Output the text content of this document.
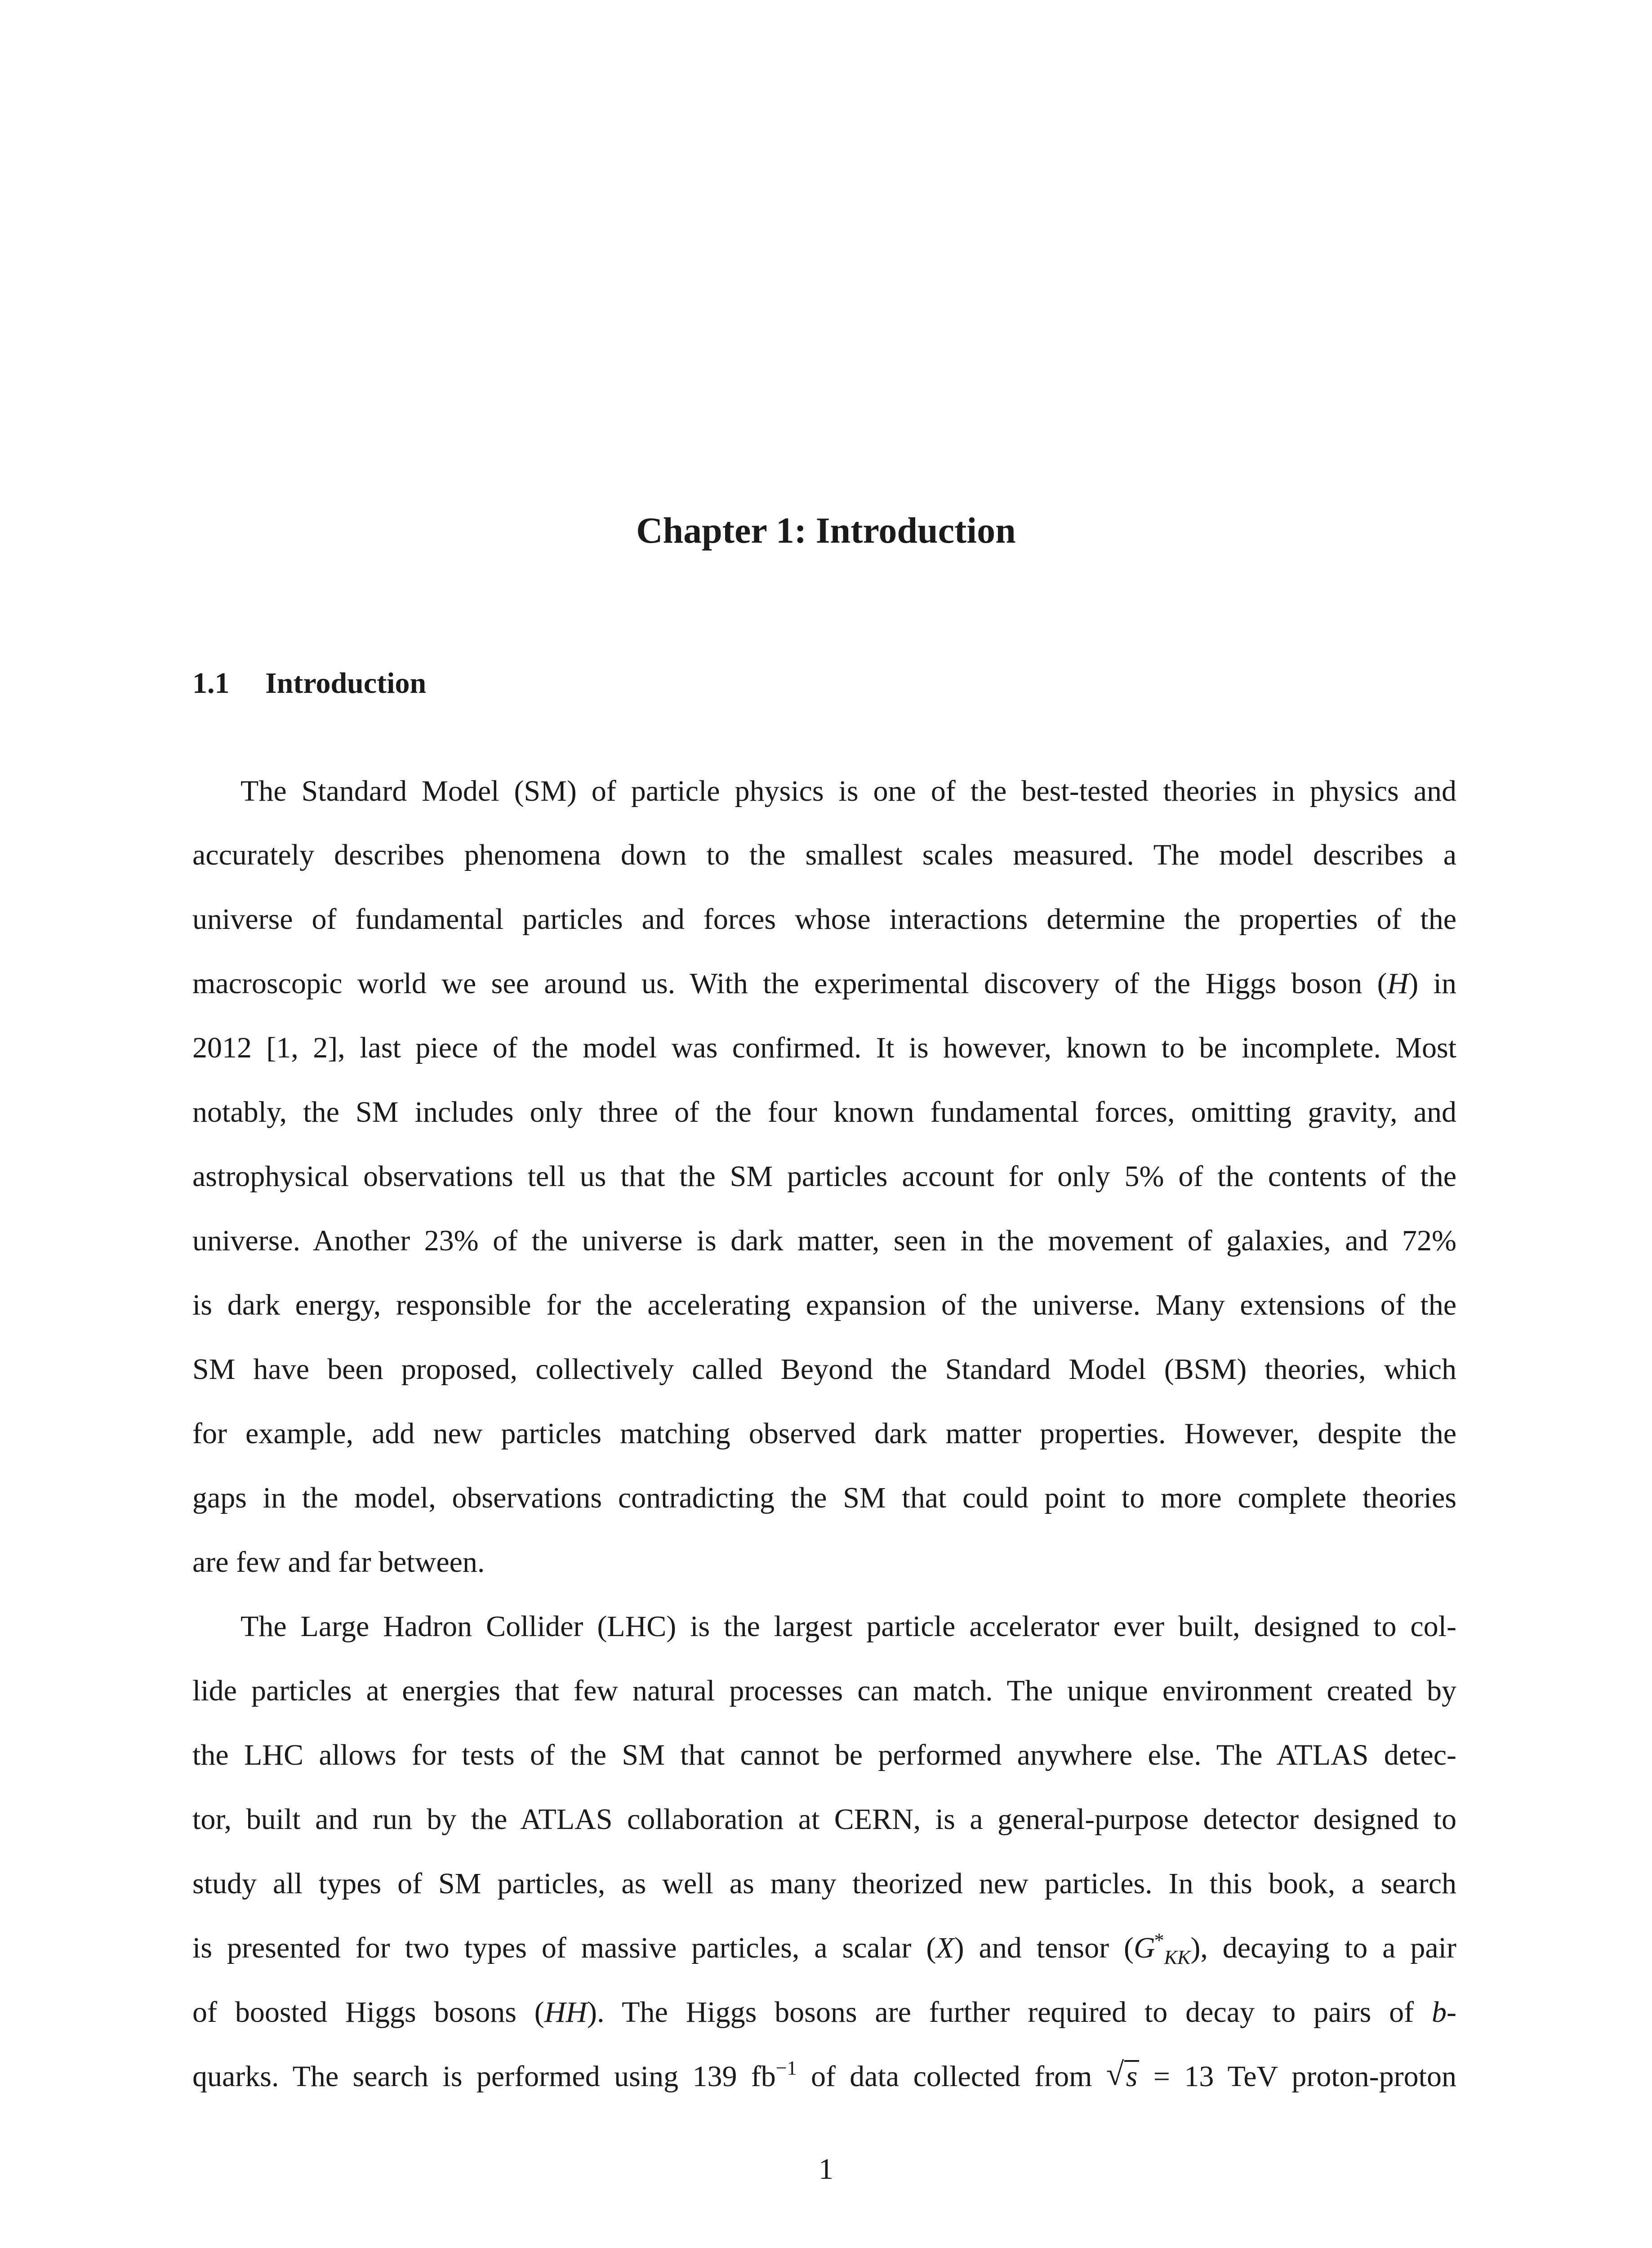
Chapter 1: Introduction
1.1 Introduction
The Standard Model (SM) of particle physics is one of the best-tested theories in physics and
accurately describes phenomena down to the smallest scales measured. The model describes a
universe of fundamental particles and forces whose interactions determine the properties of the
macroscopic world we see around us. With the experimental discovery of the Higgs boson (H) in
2012 [1, 2], last piece of the model was confirmed. It is however, known to be incomplete. Most
notably, the SM includes only three of the four known fundamental forces, omitting gravity, and
astrophysical observations tell us that the SM particles account for only 5% of the contents of the
universe. Another 23% of the universe is dark matter, seen in the movement of galaxies, and 72%
is dark energy, responsible for the accelerating expansion of the universe. Many extensions of the
SM have been proposed, collectively called Beyond the Standard Model (BSM) theories, which
for example, add new particles matching observed dark matter properties. However, despite the
gaps in the model, observations contradicting the SM that could point to more complete theories
are few and far between.
The Large Hadron Collider (LHC) is the largest particle accelerator ever built, designed to col-
lide particles at energies that few natural processes can match. The unique environment created by
the LHC allows for tests of the SM that cannot be performed anywhere else. The ATLAS detec-
tor, built and run by the ATLAS collaboration at CERN, is a general-purpose detector designed to
study all types of SM particles, as well as many theorized new particles. In this book, a search
is presented for two types of massive particles, a scalar (X) and tensor $(G^*_{KK})$, decaying to a pair
of boosted Higgs bosons (HH). The Higgs bosons are further required to decay to pairs of b-
quarks. The search is performed using 139 $fb^{-1}$ of data collected from √ s = 13 TeV proton-proton
1
